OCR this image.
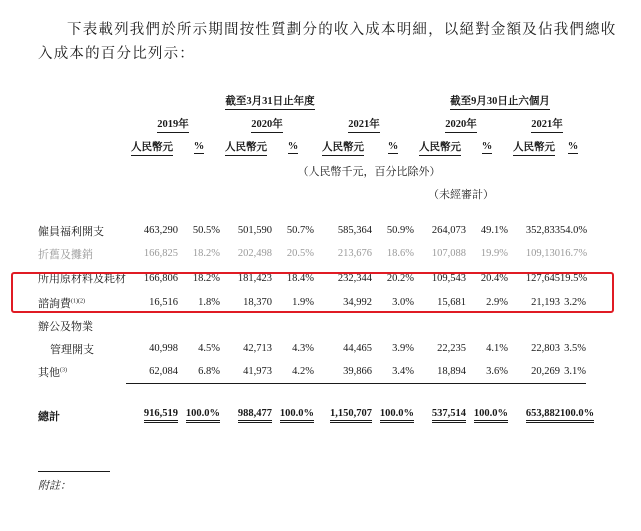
下表載列我們於所示期間按性質劃分的收入成本明細，以絕對金額及佔我們總收入成本的百分比列示：

	截至3月31日止年度						截至9月30日止六個月			
	2019年		2020年		2021年		2020年		2021年	
	人民幣元	%	人民幣元	%	人民幣元	%	人民幣元	%	人民幣元	%
				（人民幣千元，百分比除外）						
							（未經審計）			

僱員福利開支	463,290	50.5%	501,590	50.7%	585,364	50.9%	264,073	49.1%	352,833	54.0%
折舊及攤銷	166,825	18.2%	202,498	20.5%	213,676	18.6%	107,088	19.9%	109,130	16.7%
所用原材料及耗材	166,806	18.2%	181,423	18.4%	232,344	20.2%	109,543	20.4%	127,645	19.5%
諮詢費$^{(1)(2)}$	16,516	1.8%	18,370	1.9%	34,992	3.0%	15,681	2.9%	21,193	3.2%
辦公及物業										
管理開支	40,998	4.5%	42,713	4.3%	44,465	3.9%	22,235	4.1%	22,803	3.5%
其他$^{(3)}$	62,084	6.8%	41,973	4.2%	39,866	3.4%	18,894	3.6%	20,269	3.1%

總計	916,519	100.0%	988,477	100.0%	1,150,707	100.0%	537,514	100.0%	653,882	100.0%
附註：
